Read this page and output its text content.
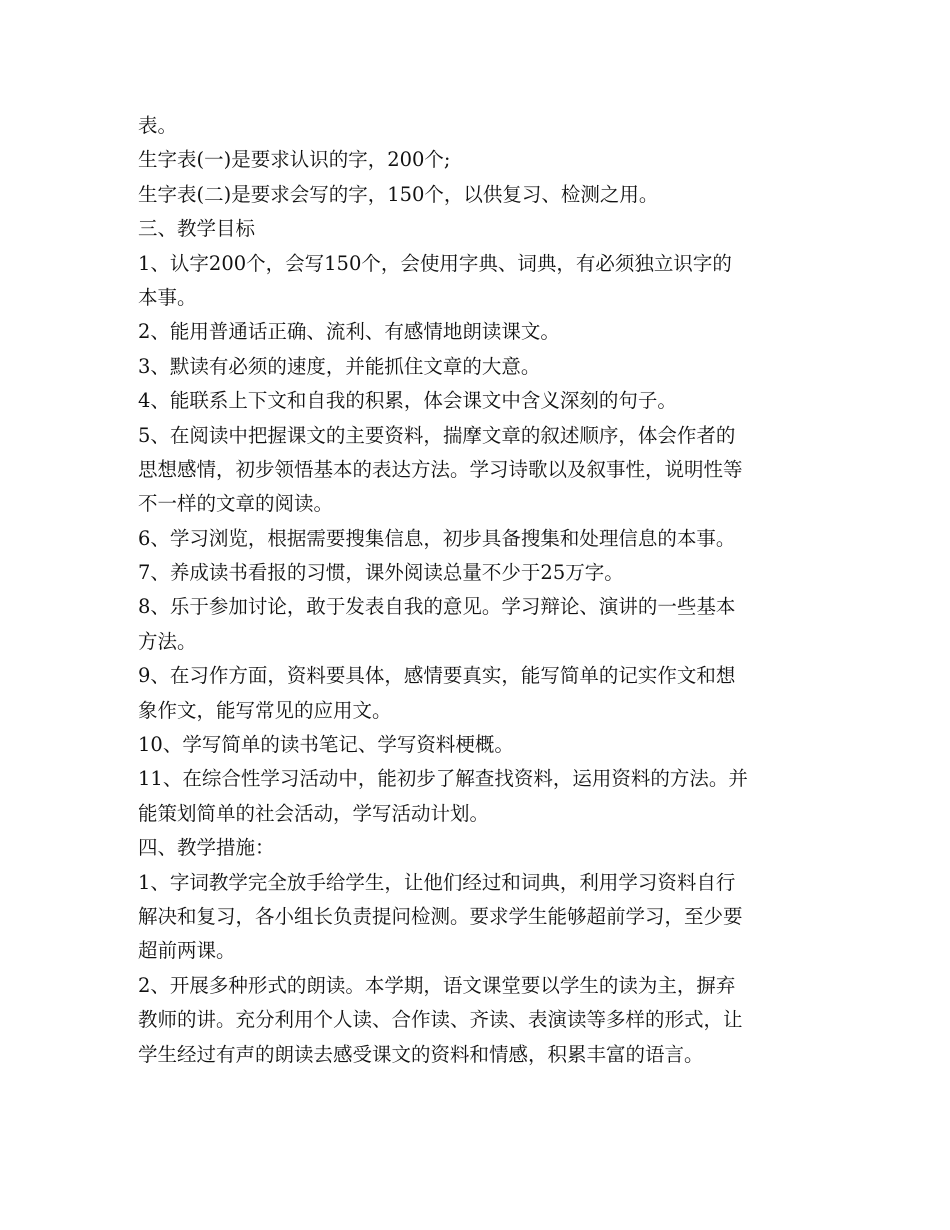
表。
生字表(一)是要求认识的字，200个;
生字表(二)是要求会写的字，150个，以供复习、检测之用。
三、教学目标
1、认字200个，会写150个，会使用字典、词典，有必须独立识字的
本事。
2、能用普通话正确、流利、有感情地朗读课文。
3、默读有必须的速度，并能抓住文章的大意。
4、能联系上下文和自我的积累，体会课文中含义深刻的句子。
5、在阅读中把握课文的主要资料，揣摩文章的叙述顺序，体会作者的
思想感情，初步领悟基本的表达方法。学习诗歌以及叙事性，说明性等
不一样的文章的阅读。
6、学习浏览，根据需要搜集信息，初步具备搜集和处理信息的本事。
7、养成读书看报的习惯，课外阅读总量不少于25万字。
8、乐于参加讨论，敢于发表自我的意见。学习辩论、演讲的一些基本
方法。
9、在习作方面，资料要具体，感情要真实，能写简单的记实作文和想
象作文，能写常见的应用文。
10、学写简单的读书笔记、学写资料梗概。
11、在综合性学习活动中，能初步了解查找资料，运用资料的方法。并
能策划简单的社会活动，学写活动计划。
四、教学措施：
1、字词教学完全放手给学生，让他们经过和词典，利用学习资料自行
解决和复习，各小组长负责提问检测。要求学生能够超前学习，至少要
超前两课。
2、开展多种形式的朗读。本学期，语文课堂要以学生的读为主，摒弃
教师的讲。充分利用个人读、合作读、齐读、表演读等多样的形式，让
学生经过有声的朗读去感受课文的资料和情感，积累丰富的语言。
